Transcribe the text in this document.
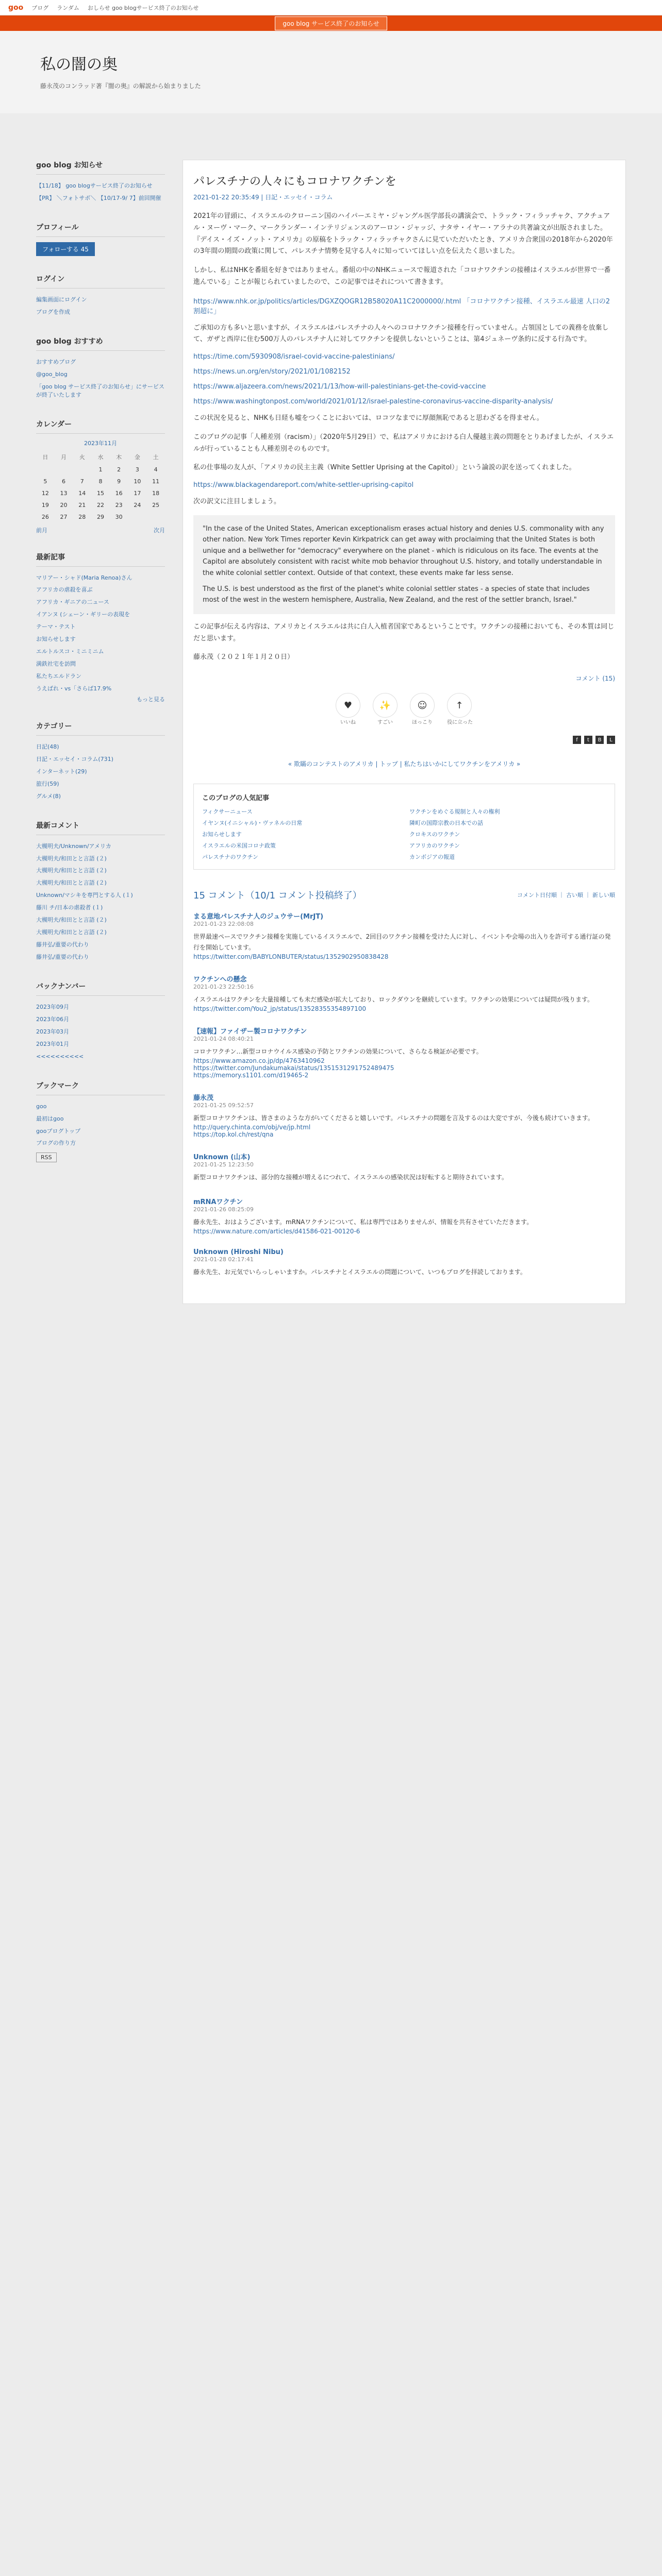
goo ブログ ランダム おしらせ goo blogサービス終了のお知らせ
goo blog サービス終了のお知らせ
私の闇の奥
藤永茂のコンラッド著『闇の奥』の解説から始まりました
goo blog お知らせ
【11/18】 goo blogサービス終了のお知らせ
【PR】 ＼フォトサポ＼ 【10/17-9/ 7】前回開催
プロフィール
フォローする 45
ログイン
編集画面にログイン
ブログを作成
goo blog おすすめ
おすすめブログ
@goo_blog
「goo blog サービス終了のお知らせ」にサービスが終了いたします
カレンダー
2023年11月
日	月	火	水	木	金	土
			1	2	3	4
5	6	7	8	9	10	11
12	13	14	15	16	17	18
19	20	21	22	23	24	25
26	27	28	29	30		
前月	次月
最新記事
マリアー・シャド(Maria Renoa)さん
アフリカの虐殺を喜ぶ
アフリカ・ギニアの二ュース
イアンヌ (シェーン・ギリーの表現を
テーマ・テスト
お知らせします
エルトルスコ・ミニミニム
満鉄社宅を訪問
私たちエルドラン
うえばれ・vs「さらば17.9%
もっと見る
カテゴリー
日記(48)
日記・エッセイ・コラム(731)
インターネット(29)
旅行(59)
グルメ(8)
最新コメント
大槻明夫/Unknown/アメリカ
大槻明夫/和田とと言語 (２)
大槻明夫/和田とと言語 (２)
大槻明夫/和田とと言語 (２)
Unknown/マシキを専門とする人 (１)
藤川 チ/日本の虐殺者 (１)
大槻明夫/和田とと言語 (２)
大槻明夫/和田とと言語 (２)
藤井弘/重要の代わり
藤井弘/重要の代わり
バックナンバー
2023年09月
2023年06月
2023年03月
2023年01月
<<<<<<<<<<
ブックマーク
goo
最初はgoo
gooブログトップ
ブログの作り方
RSS
パレスチナの人々にもコロナワクチンを
2021-01-22 20:35:49 | 日記・エッセイ・コラム
2021年の冒頭に、イスラエルのクローニン国のハイパーエミヤ・ジャングル医学部長の講演会で、トラック・フィラッチャク、アクチュアル・ヌーヴ・マーク、マークランダー・インテリジェンスのアーロン・ジャッジ、ナタサ・イヤー・アラナの共著論文が出版されました。『デイス・イズ・ノット・アメリカ』の原稿をトラック・フィラッチャクさんに見ていただいたとき、アメリカ合衆国の2018年から2020年の3年間の期間の政策に関して、パレスチナ情勢を見守る人々に知っていてほしい点を伝えたく思いました。
しかし、私はNHKを番組を好きではありません。番組の中のNHKニュースで報道された「コロナワクチンの接種はイスラエルが世界で一番進んでいる」ことが報じられていましたので、この記事ではそれについて書きます。
https://www.nhk.or.jp/politics/articles/DGXZQOGR12B58020A11C2000000/.html 「コロナワクチン接種、イスラエル最速 人口の2割超に」
ご承知の方も多いと思いますが、イスラエルはパレスチナの人々へのコロナワクチン接種を行っていません。占領国としての義務を放棄して、ガザと西岸に住む500万人のパレスチナ人に対してワクチンを提供しないということは、第4ジュネーヴ条約に反する行為です。
https://time.com/5930908/israel-covid-vaccine-palestinians/
https://news.un.org/en/story/2021/01/1082152
https://www.aljazeera.com/news/2021/1/13/how-will-palestinians-get-the-covid-vaccine
https://www.washingtonpost.com/world/2021/01/12/israel-palestine-coronavirus-vaccine-disparity-analysis/
この状況を見ると、NHKも日経も嘘をつくことにおいては、ロコツなまでに厚顔無恥であると思わざるを得ません。
このブログの記事「人種差別（racism）」（2020年5月29日）で、私はアメリカにおける白人優越主義の問題をとりあげましたが、イスラエルが行っていることも人種差別そのものです。
私の仕事場の友人が、「アメリカの民主主義（White Settler Uprising at the Capitol）」という論説の訳を送ってくれました。
https://www.blackagendareport.com/white-settler-uprising-capitol
次の訳文に注目しましょう。
"In the case of the United States, American exceptionalism erases actual history and denies U.S. commonality with any other nation. New York Times reporter Kevin Kirkpatrick can get away with proclaiming that the United States is both unique and a bellwether for "democracy" everywhere on the planet - which is ridiculous on its face. The events at the Capitol are absolutely consistent with racist white mob behavior throughout U.S. history, and totally understandable in the white colonial settler context. Outside of that context, these events make far less sense.
The U.S. is best understood as the first of the planet's white colonial settler states - a species of state that includes most of the west in the western hemisphere, Australia, New Zealand, and the rest of the settler branch, Israel."
この記事が伝える内容は、アメリカとイスラエルは共に白人入植者国家であるということです。ワクチンの接種においても、その本質は同じだと思います。
藤永茂（２０２１年１月２０日）
コメント (15)
♥
いいね
✨
すごい
☺
ほっこり
↑
役に立った
f	t	B	L
« 欺瞞のコンテストのアメリカ | トップ | 私たちはいかにしてワクチンをアメリカ »
このブログの人気記事
フィクサーニュース	ワクチンをめぐる規制と人々の権利
イヤンヌ(イニシャル)・ヴァネルの日常	隣町の国際宗教の日本での話
お知らせします	クロキスのワクチン
イスラエルの米国コロナ政策	アフリカのワクチン
パレスチナのワクチン	カンボジアの報道
15 コメント（10/1 コメント投稿終了）	コメント日付順 ｜ 古い順 ｜ 新しい順
まる意地パレスチナ人のジュウサー(MrJT)
2021-01-23 22:08:08
世界最速ペースでワクチン接種を実施しているイスラエルで、2回目のワクチン接種を受けた人に対し、イベントや会場の出入りを許可する通行証の発行を開始しています。
https://twitter.com/BABYLONBUTER/status/1352902950838428
ワクチンへの懸念
2021-01-23 22:50:16
イスラエルはワクチンを大量接種しても未だ感染が拡大しており、ロックダウンを継続しています。ワクチンの効果については疑問が残ります。
https://twitter.com/You2_jp/status/13528355354897100
【速報】ファイザー製コロナワクチン
2021-01-24 08:40:21
コロナワクチン…新型コロナウイルス感染の予防とワクチンの効果について、さらなる検証が必要です。
https://www.amazon.co.jp/dp/4763410962
https://twitter.com/Jundakumakai/status/1351531291752489475
https://memory.s1101.com/d19465-2
藤永茂
2021-01-25 09:52:57
新型コロナワクチンは、皆さまのような方がいてくださると嬉しいです。パレスチナの問題を言及するのは大変ですが、今後も続けていきます。
http://query.chinta.com/obj/ve/jp.html
https://top.kol.ch/rest/qna
Unknown (山本)
2021-01-25 12:23:50
新型コロナワクチンは、部分的な接種が増えるにつれて、イスラエルの感染状況は好転すると期待されています。
mRNAワクチン
2021-01-26 08:25:09
藤永先生、おはようございます。mRNAワクチンについて、私は専門ではありませんが、情報を共有させていただきます。
https://www.nature.com/articles/d41586-021-00120-6
Unknown (Hiroshi Nibu)
2021-01-28 02:17:41
藤永先生、お元気でいらっしゃいますか。パレスチナとイスラエルの問題について、いつもブログを拝読しております。
